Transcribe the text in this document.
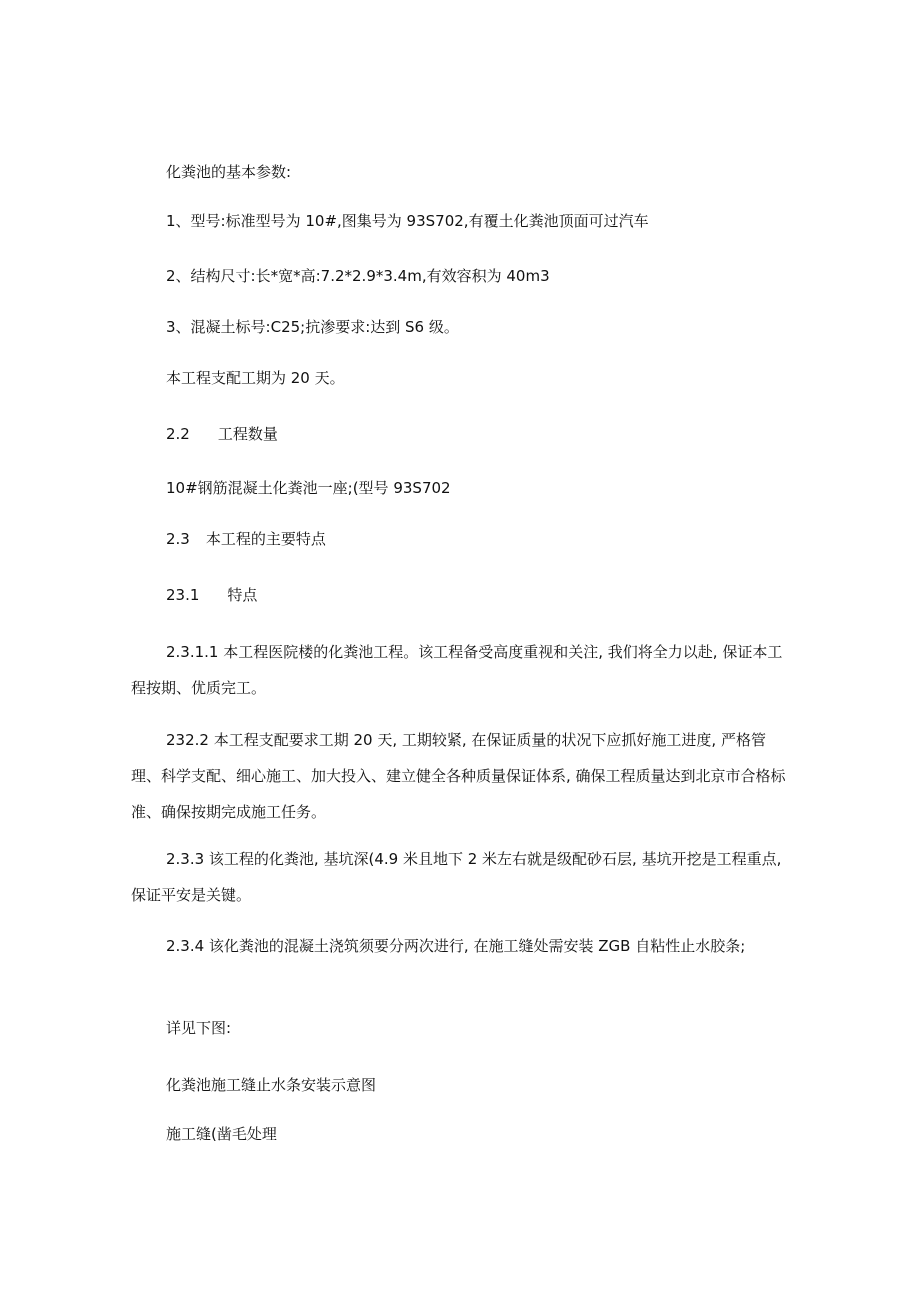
化粪池的基本参数:
1、型号:标准型号为 10#,图集号为 93S702,有覆土化粪池顶面可过汽车
2、结构尺寸:长*宽*高:7.2*2.9*3.4m,有效容积为 40m3
3、混凝土标号:C25;抗渗要求:达到 S6 级。
本工程支配工期为 20 天。
2.2 工程数量
10#钢筋混凝土化粪池一座;(型号 93S702
2.3 本工程的主要特点
23.1 特点
2.3.1.1 本工程医院楼的化粪池工程。该工程备受高度重视和关注, 我们将全力以赴, 保证本工程按期、优质完工。
232.2 本工程支配要求工期 20 天, 工期较紧, 在保证质量的状况下应抓好施工进度, 严格管理、科学支配、细心施工、加大投入、建立健全各种质量保证体系, 确保工程质量达到北京市合格标准、确保按期完成施工任务。
2.3.3 该工程的化粪池, 基坑深(4.9 米且地下 2 米左右就是级配砂石层, 基坑开挖是工程重点, 保证平安是关键。
2.3.4 该化粪池的混凝土浇筑须要分两次进行, 在施工缝处需安装 ZGB 自粘性止水胶条;
详见下图:
化粪池施工缝止水条安装示意图
施工缝(凿毛处理
